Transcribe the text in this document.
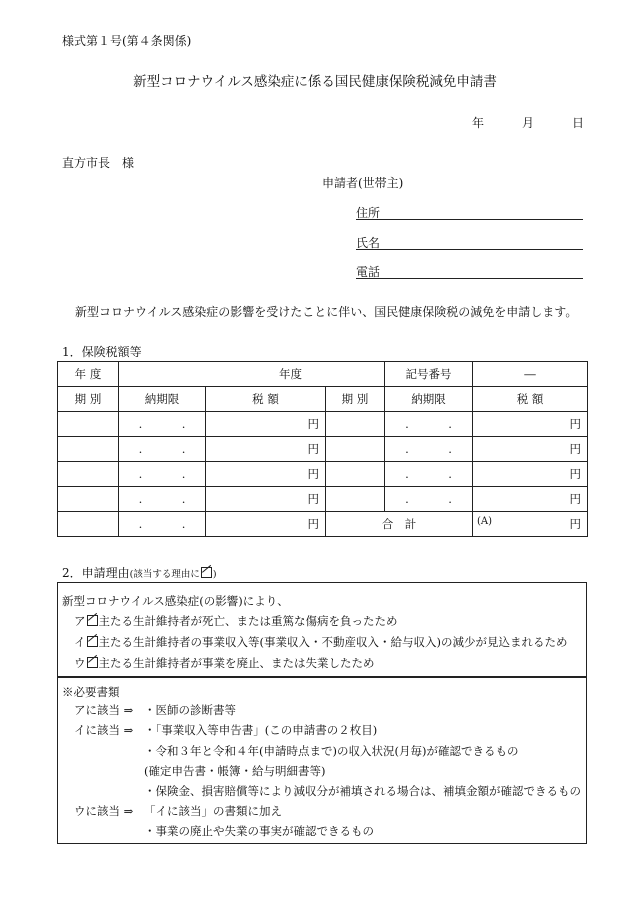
様式第１号(第４条関係)
新型コロナウイルス感染症に係る国民健康保険税減免申請書
年	月	日
直方市長　様
申請者(世帯主)
住所
氏名
電話
新型コロナウイルス感染症の影響を受けたことに伴い、国民健康保険税の減免を申請します。
1．保険税額等
年 度	年度			記号番号	―
期 別	納期限	税 額	期 別	納期限	税 額
	.　.	円		.　.	円
	.　.	円		.　.	円
	.　.	円		.　.	円
	.　.	円		.　.	円
	.　.	円	合　計		(A) 円
2．申請理由(該当する理由に )
新型コロナウイルス感染症(の影響)により、
ア 主たる生計維持者が死亡、または重篤な傷病を負ったため
イ 主たる生計維持者の事業収入等(事業収入・不動産収入・給与収入)の減少が見込まれるため
ウ 主たる生計維持者が事業を廃止、または失業したため
※必要書類
アに該当 ⇒ ・医師の診断書等
イに該当 ⇒ ・「事業収入等申告書」(この申請書の２枚目)
・令和３年と令和４年(申請時点まで)の収入状況(月毎)が確認できるもの
(確定申告書・帳簿・給与明細書等)
・保険金、損害賠償等により減収分が補填される場合は、補填金額が確認できるもの
ウに該当 ⇒ 「イに該当」の書類に加え
・事業の廃止や失業の事実が確認できるもの
